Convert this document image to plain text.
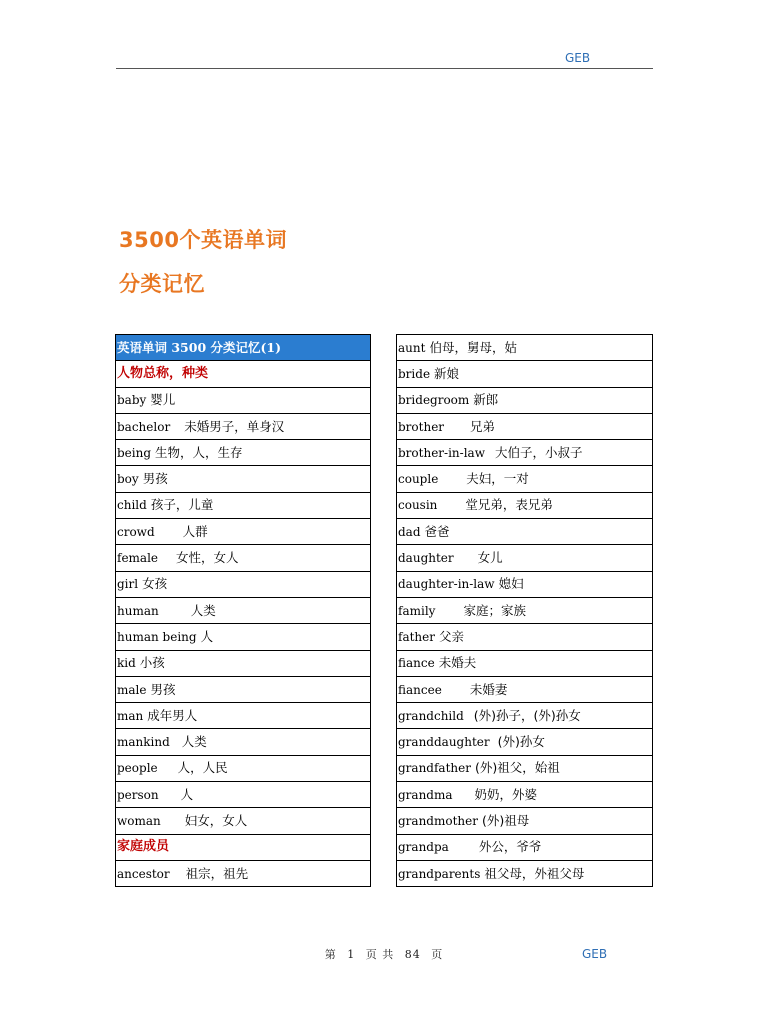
GEB
3500个英语单词
分类记忆
英语单词 3500 分类记忆(1)
人物总称，种类
baby 婴儿
bachelor 未婚男子，单身汉
being 生物，人，生存
boy 男孩
child 孩子，儿童
crowd 人群
female 女性，女人
girl 女孩
human	人类
human being 人
kid 小孩
male 男孩
man 成年男人
mankind 人类
people 人，人民
person 人
woman 妇女，女人
家庭成员
ancestor 祖宗，祖先
aunt 伯母，舅母，姑
bride 新娘
bridegroom 新郎
brother 兄弟
brother-in-law 大伯子，小叔子
couple 夫妇，一对
cousin 堂兄弟，表兄弟
dad 爸爸
daughter 女儿
daughter-in-law 媳妇
family 家庭；家族
father 父亲
fiance 未婚夫
fiancee 未婚妻
grandchild (外)孙子，(外)孙女
granddaughter (外)孙女
grandfather (外)祖父，始祖
grandma 奶奶，外婆
grandmother (外)祖母
grandpa 外公，爷爷
grandparents 祖父母，外祖父母
第 1 页 共 84 页	GEB
